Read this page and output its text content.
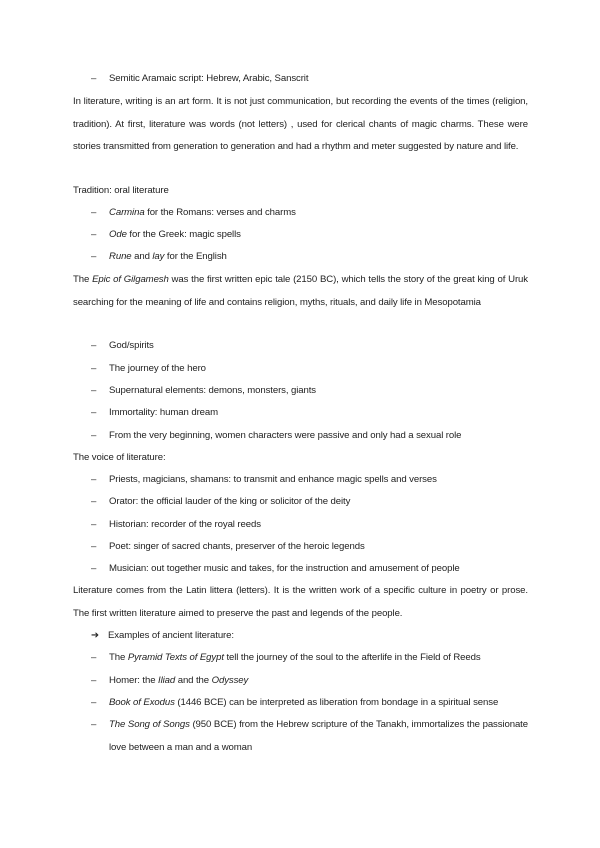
– Semitic Aramaic script: Hebrew, Arabic, Sanscrit

In literature, writing is an art form. It is not just communication, but recording the events of the times (religion, tradition). At first, literature was words (not letters) , used for clerical chants of magic charms. These were stories transmitted from generation to generation and had a rhythm and meter suggested by nature and life.

Tradition: oral literature
– Carmina for the Romans: verses and charms
– Ode for the Greek: magic spells
– Rune and lay for the English

The Epic of Gilgamesh was the first written epic tale (2150 BC), which tells the story of the great king of Uruk searching for the meaning of life and contains religion, myths, rituals, and daily life in Mesopotamia

– God/spirits
– The journey of the hero
– Supernatural elements: demons, monsters, giants
– Immortality: human dream
– From the very beginning, women characters were passive and only had a sexual role
The voice of literature:
– Priests, magicians, shamans: to transmit and enhance magic spells and verses
– Orator: the official lauder of the king or solicitor of the deity
– Historian: recorder of the royal reeds
– Poet: singer of sacred chants, preserver of the heroic legends
– Musician: out together music and takes, for the instruction and amusement of people

Literature comes from the Latin littera (letters). It is the written work of a specific culture in poetry or prose. The first written literature aimed to preserve the past and legends of the people.

➔ Examples of ancient literature:
– The Pyramid Texts of Egypt tell the journey of the soul to the afterlife in the Field of Reeds
– Homer: the Iliad and the Odyssey
– Book of Exodus (1446 BCE) can be interpreted as liberation from bondage in a spiritual sense
– The Song of Songs (950 BCE) from the Hebrew scripture of the Tanakh, immortalizes the passionate love between a man and a woman
